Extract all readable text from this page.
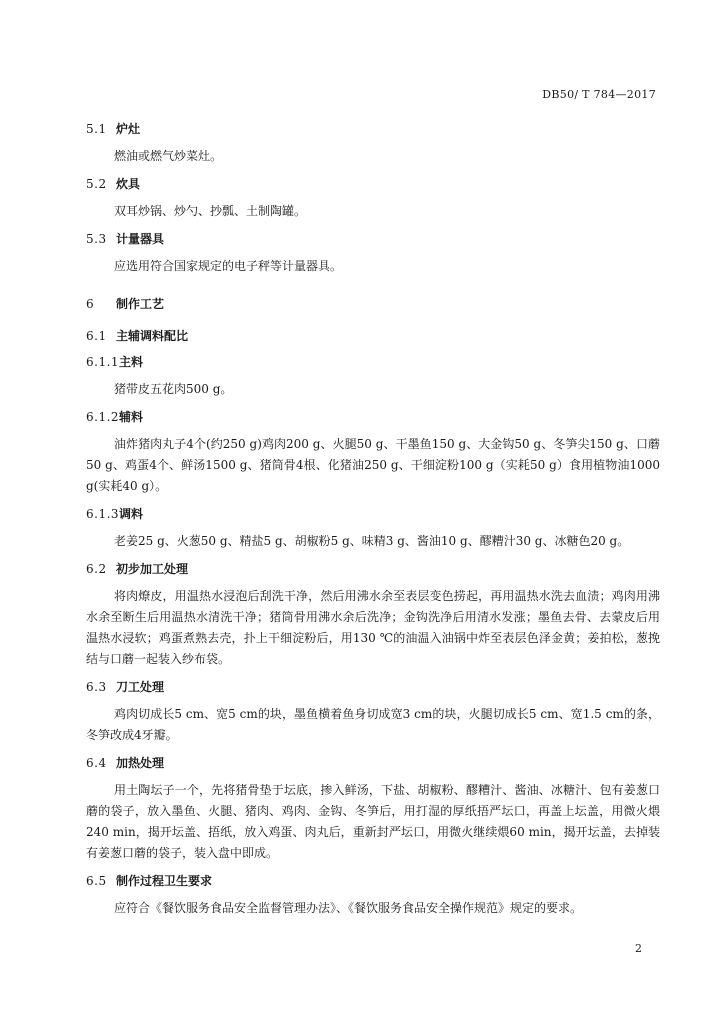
DB50/ T 784—2017
5.1 炉灶
燃油或燃气炒菜灶。
5.2 炊具
双耳炒锅、炒勺、抄瓢、土制陶罐。
5.3 计量器具
应选用符合国家规定的电子秤等计量器具。
6 制作工艺
6.1 主辅调料配比
6.1.1主料
猪带皮五花肉500 g。
6.1.2辅料
油炸猪肉丸子4个(约250 g)鸡肉200 g、火腿50 g、干墨鱼150 g、大金钩50 g、冬笋尖150 g、口蘑50 g、鸡蛋4个、鲜汤1500 g、猪筒骨4根、化猪油250 g、干细淀粉100 g（实耗50 g）食用植物油1000 g(实耗40 g）。
6.1.3调料
老姜25 g、火葱50 g、精盐5 g、胡椒粉5 g、味精3 g、酱油10 g、醪糟汁30 g、冰糖色20 g。
6.2 初步加工处理
将肉燎皮，用温热水浸泡后刮洗干净，然后用沸水余至表层变色捞起，再用温热水洗去血渍；鸡肉用沸水余至断生后用温热水清洗干净；猪筒骨用沸水余后洗净；金钩洗净后用清水发涨；墨鱼去骨、去蒙皮后用温热水浸软；鸡蛋煮熟去壳，扑上干细淀粉后，用130 ℃的油温入油锅中炸至表层色泽金黄；姜拍松，葱挽结与口蘑一起装入纱布袋。
6.3 刀工处理
鸡肉切成长5 cm、宽5 cm的块，墨鱼横着鱼身切成宽3 cm的块，火腿切成长5 cm、宽1.5 cm的条，冬笋改成4牙瓣。
6.4 加热处理
用土陶坛子一个，先将猪骨垫于坛底，掺入鲜汤，下盐、胡椒粉、醪糟汁、酱油、冰糖汁、包有姜葱口蘑的袋子，放入墨鱼、火腿、猪肉、鸡肉、金钩、冬笋后，用打湿的厚纸捂严坛口，再盖上坛盖，用微火煨240 min，揭开坛盖、捂纸，放入鸡蛋、肉丸后，重新封严坛口，用微火继续煨60 min，揭开坛盖，去掉装有姜葱口蘑的袋子，装入盘中即成。
6.5 制作过程卫生要求
应符合《餐饮服务食品安全监督管理办法》、《餐饮服务食品安全操作规范》规定的要求。
2
